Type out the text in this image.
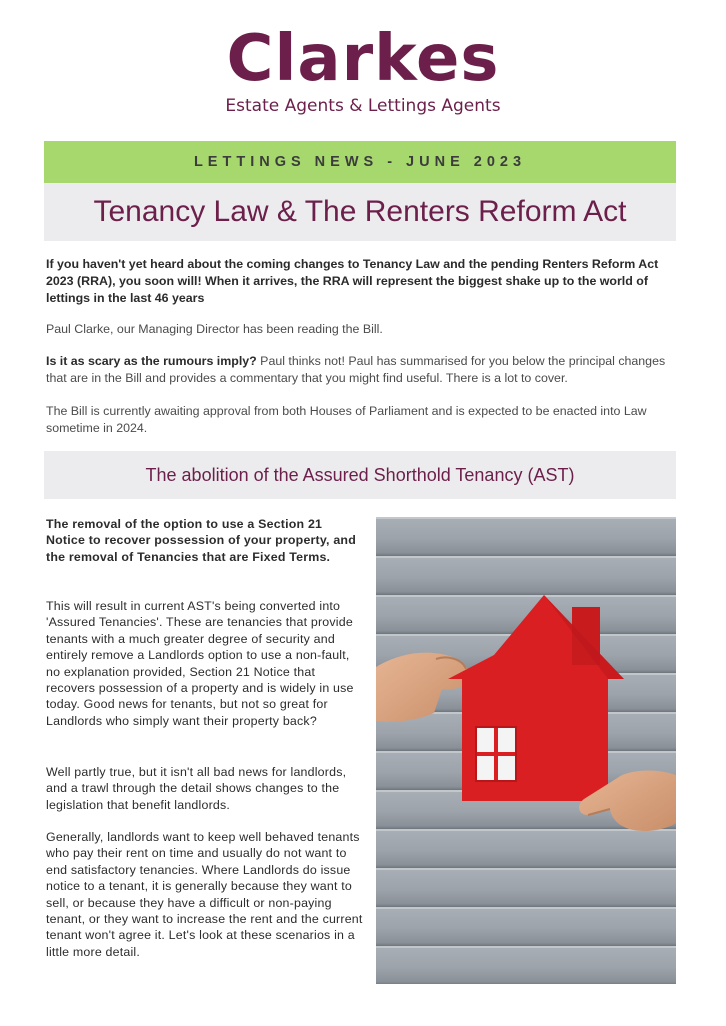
Clarkes
Estate Agents & Lettings Agents
LETTINGS NEWS - JUNE 2023
Tenancy Law & The Renters Reform Act

If you haven't yet heard about the coming changes to Tenancy Law and the pending Renters Reform Act 2023 (RRA), you soon will! When it arrives, the RRA will represent the biggest shake up to the world of lettings in the last 46 years

Paul Clarke, our Managing Director has been reading the Bill.

Is it as scary as the rumours imply? Paul thinks not! Paul has summarised for you below the principal changes that are in the Bill and provides a commentary that you might find useful. There is a lot to cover.

The Bill is currently awaiting approval from both Houses of Parliament and is expected to be enacted into Law sometime in 2024.

The abolition of the Assured Shorthold Tenancy (AST)

The removal of the option to use a Section 21 Notice to recover possession of your property, and the removal of Tenancies that are Fixed Terms.

This will result in current AST's being converted into 'Assured Tenancies'. These are tenancies that provide tenants with a much greater degree of security and entirely remove a Landlords option to use a non-fault, no explanation provided, Section 21 Notice that recovers possession of a property and is widely in use today. Good news for tenants, but not so great for Landlords who simply want their property back?

Well partly true, but it isn't all bad news for landlords, and a trawl through the detail shows changes to the legislation that benefit landlords.

Generally, landlords want to keep well behaved tenants who pay their rent on time and usually do not want to end satisfactory tenancies. Where Landlords do issue notice to a tenant, it is generally because they want to sell, or because they have a difficult or non-paying tenant, or they want to increase the rent and the current tenant won't agree it. Let's look at these scenarios in a little more detail.
